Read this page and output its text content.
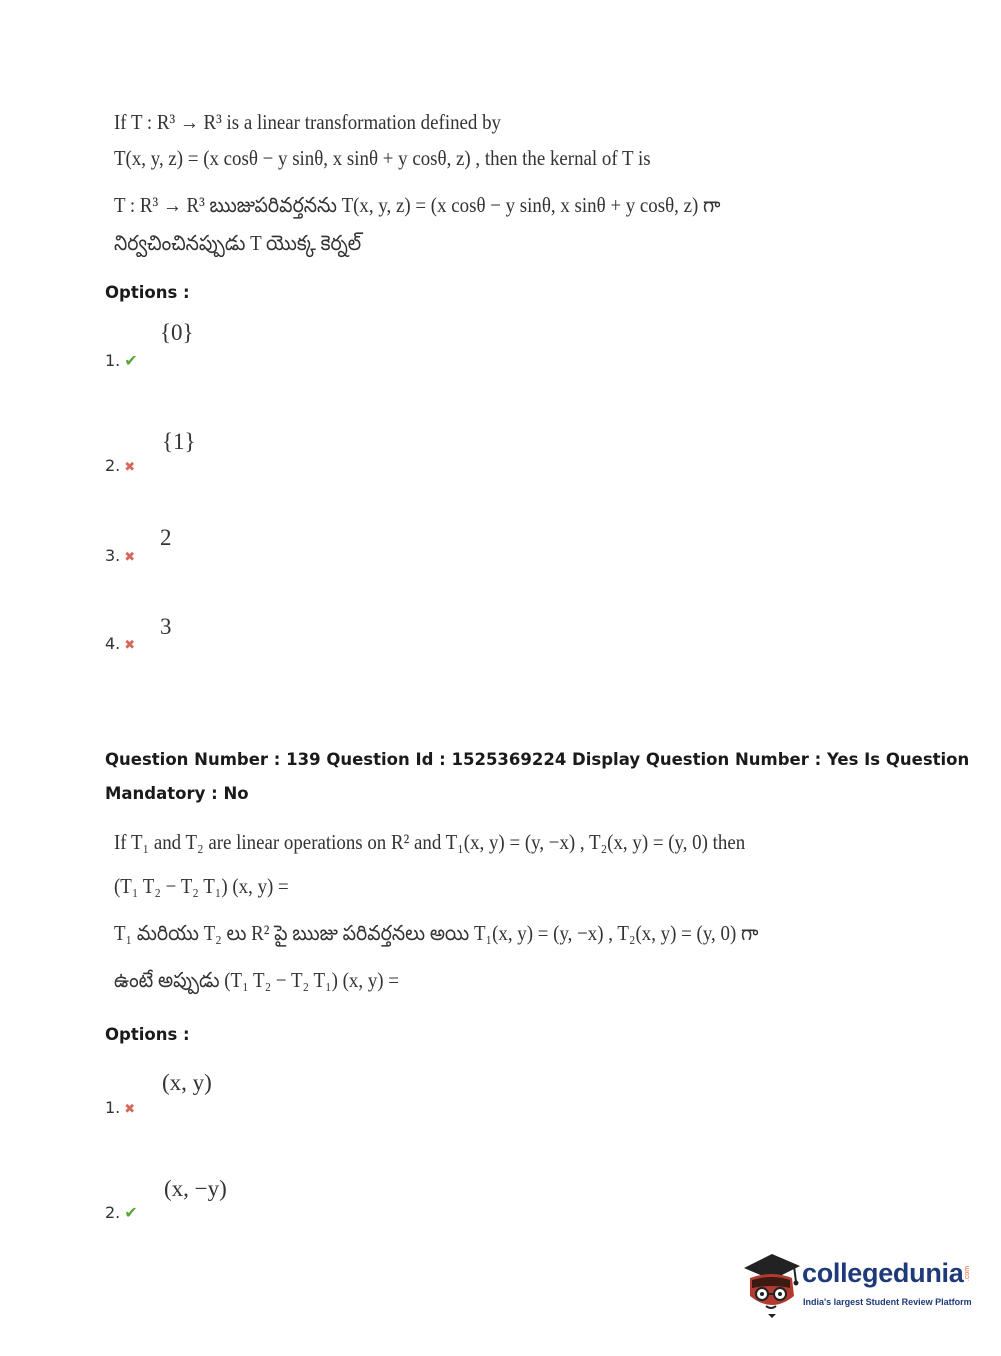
If T : R³ → R³ is a linear transformation defined by
T(x, y, z) = (x cosθ − y sinθ, x sinθ + y cosθ, z) , then the kernal of T is
T : R³ → R³ ఋజుపరివర్తనను T(x, y, z) = (x cosθ − y sinθ, x sinθ + y cosθ, z) గా
నిర్వచించినప్పుడు T యొక్క కెర్నల్
Options :
1. ✔
{0}
2. ✖
{1}
3. ✖
2
4. ✖
3
Question Number : 139 Question Id : 1525369224 Display Question Number : Yes Is Question
Mandatory : No
If T₁ and T₂ are linear operations on R² and T₁(x, y) = (y, −x) , T₂(x, y) = (y, 0) then
(T₁ T₂ − T₂ T₁) (x, y) =
T₁ మరియు T₂ లు R² పై ఋజు పరివర్తనలు అయి T₁(x, y) = (y, −x) , T₂(x, y) = (y, 0) గా
ఉంటే అప్పుడు (T₁ T₂ − T₂ T₁) (x, y) =
Options :
1. ✖
(x, y)
2. ✔
(x, −y)
collegedunia .com
India's largest Student Review Platform
